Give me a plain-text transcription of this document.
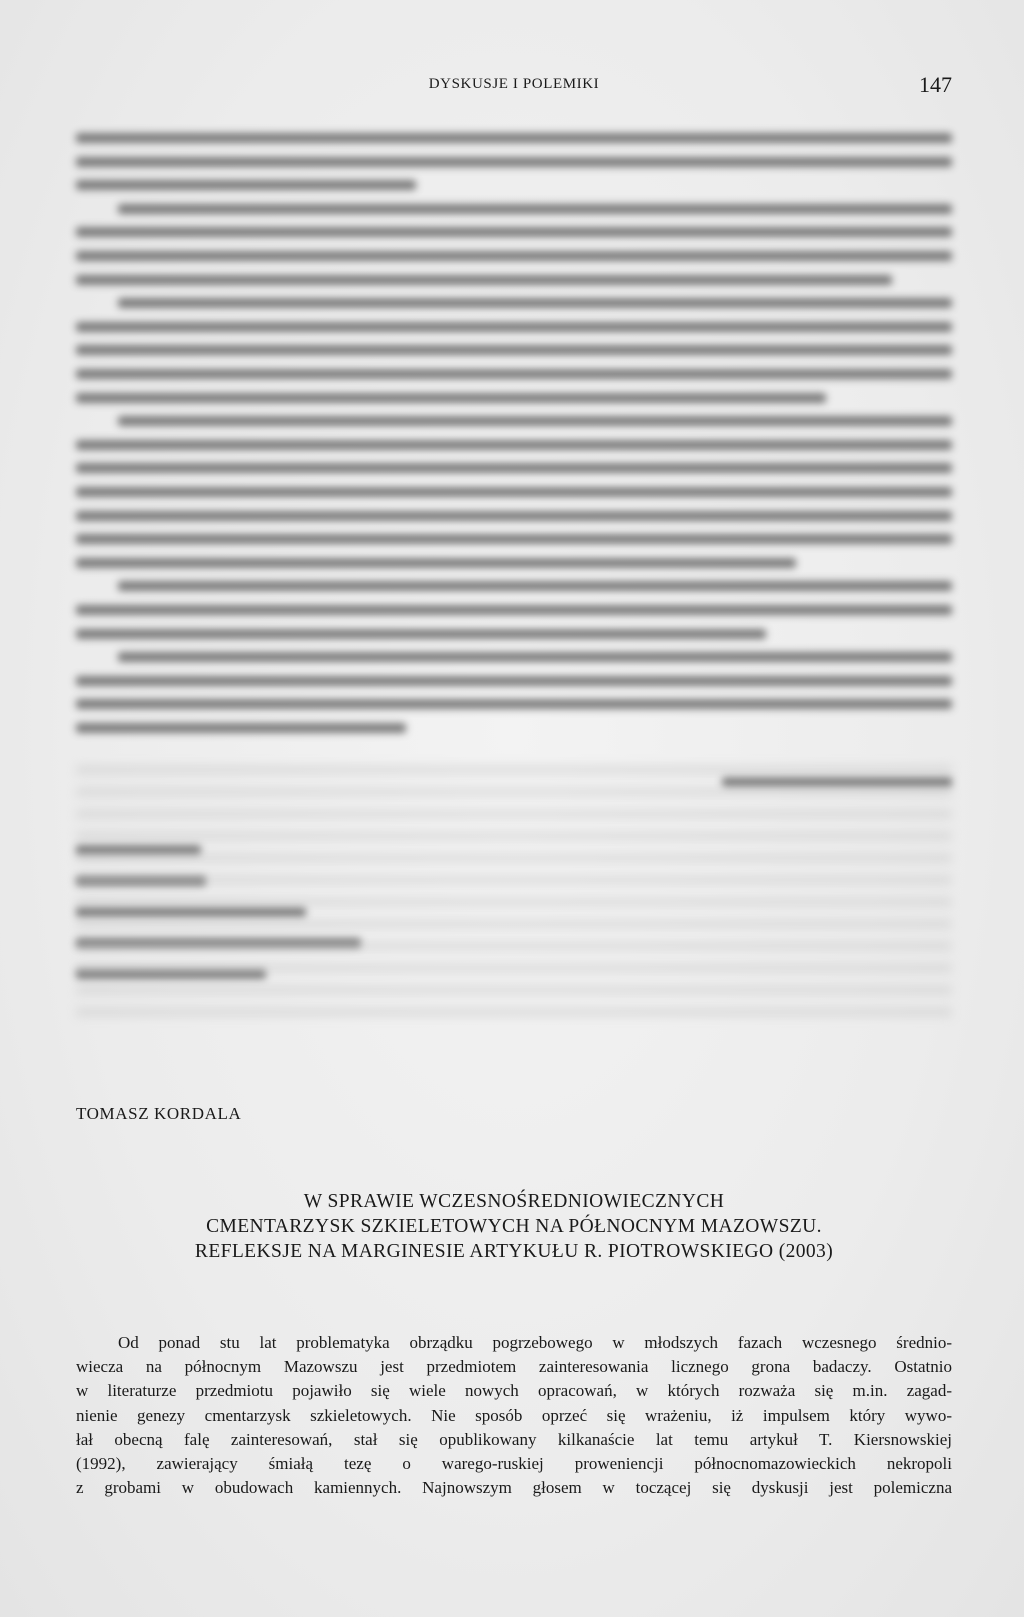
DYSKUSJE I POLEMIKI	147
TOMASZ KORDALA
W SPRAWIE WCZESNOŚREDNIOWIECZNYCH
CMENTARZYSK SZKIELETOWYCH NA PÓŁNOCNYM MAZOWSZU.
REFLEKSJE NA MARGINESIE ARTYKUŁU R. PIOTROWSKIEGO (2003)
Od ponad stu lat problematyka obrządku pogrzebowego w młodszych fazach wczesnego średnio-
wiecza na północnym Mazowszu jest przedmiotem zainteresowania licznego grona badaczy. Ostatnio
w literaturze przedmiotu pojawiło się wiele nowych opracowań, w których rozważa się m.in. zagad-
nienie genezy cmentarzysk szkieletowych. Nie sposób oprzeć się wrażeniu, iż impulsem który wywo-
łał obecną falę zainteresowań, stał się opublikowany kilkanaście lat temu artykuł T. Kiersnowskiej
(1992), zawierający śmiałą tezę o warego-ruskiej proweniencji północnomazowieckich nekropoli
z grobami w obudowach kamiennych. Najnowszym głosem w toczącej się dyskusji jest polemiczna
